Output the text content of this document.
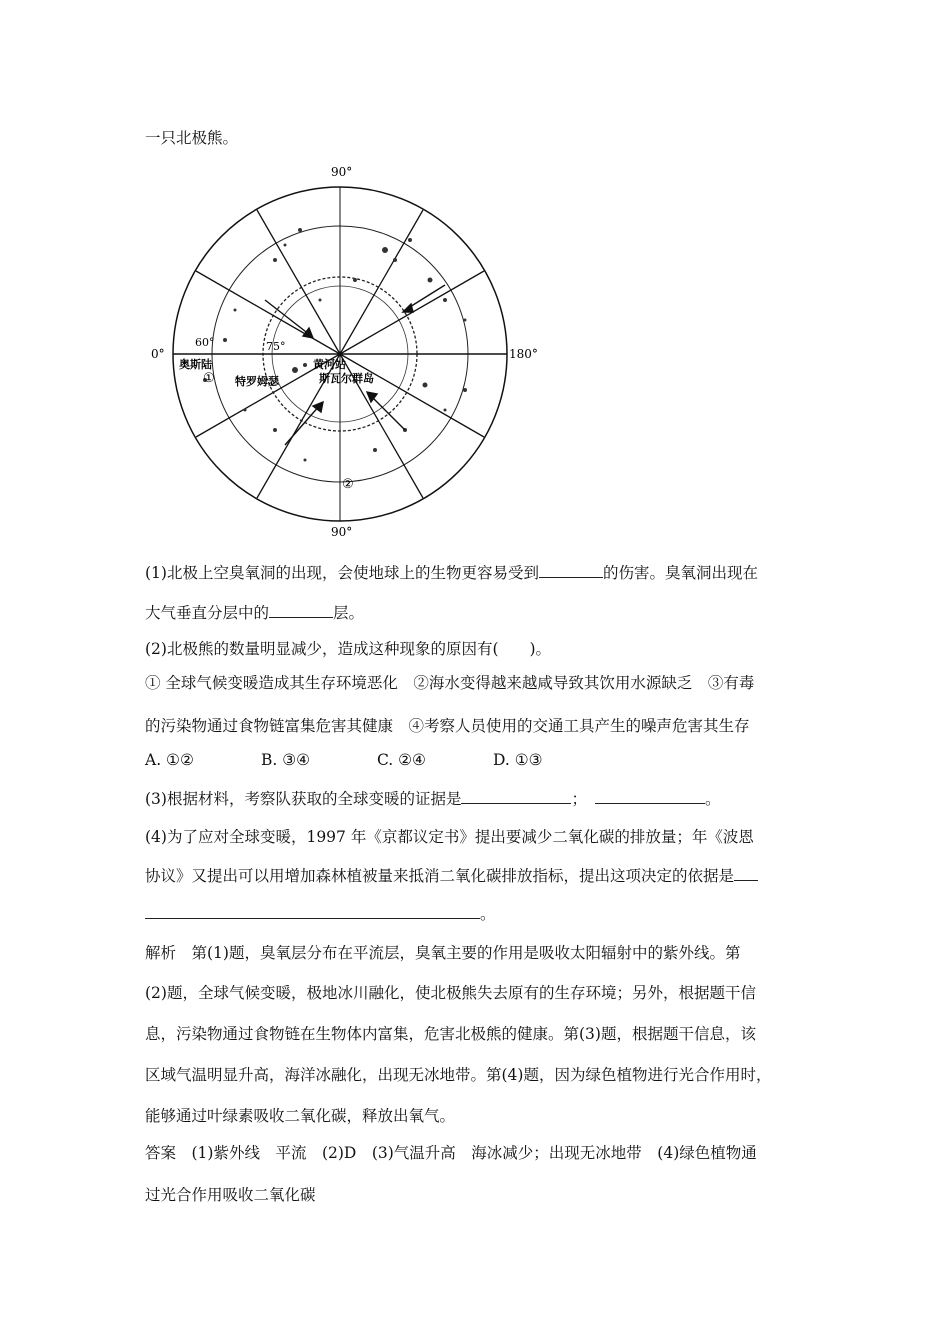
一只北极熊。
90°
90°
0°	180°
60°	75°
奥斯陆
特罗姆瑟
黄河站
斯瓦尔群岛
①
②
(1)北极上空臭氧洞的出现，会使地球上的生物更容易受到	的伤害。臭氧洞出现在
大气垂直分层中的	层。
(2)北极熊的数量明显减少，造成这种现象的原因有(　　)。
① 全球气候变暖造成其生存环境恶化　②海水变得越来越咸导致其饮用水源缺乏　③有毒
的污染物通过食物链富集危害其健康　④考察人员使用的交通工具产生的噪声危害其生存
A. ①②	B. ③④	C. ②④	D. ①③
(3)根据材料，考察队获取的全球变暖的证据是	；	。
(4)为了应对全球变暖，1997 年《京都议定书》提出要减少二氧化碳的排放量；年《波恩
协议》又提出可以用增加森林植被量来抵消二氧化碳排放指标，提出这项决定的依据是
。
解析　第(1)题，臭氧层分布在平流层，臭氧主要的作用是吸收太阳辐射中的紫外线。第
(2)题，全球气候变暖，极地冰川融化，使北极熊失去原有的生存环境；另外，根据题干信
息，污染物通过食物链在生物体内富集，危害北极熊的健康。第(3)题，根据题干信息，该
区域气温明显升高，海洋冰融化，出现无冰地带。第(4)题，因为绿色植物进行光合作用时，
能够通过叶绿素吸收二氧化碳，释放出氧气。
答案　(1)紫外线　平流　(2)D　(3)气温升高　海冰减少；出现无冰地带　(4)绿色植物通
过光合作用吸收二氧化碳
